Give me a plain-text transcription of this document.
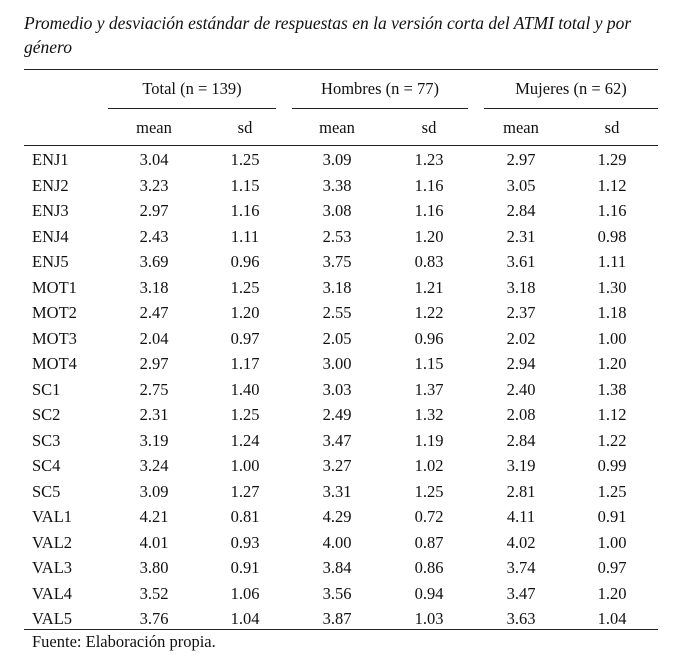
Promedio y desviación estándar de respuestas en la versión corta del ATMI total y por género

Total (n = 139)	Hombres (n = 77)	Mujeres (n = 62)
mean	sd	mean	sd	mean	sd
ENJ1	3.04	1.25	3.09	1.23	2.97	1.29
ENJ2	3.23	1.15	3.38	1.16	3.05	1.12
ENJ3	2.97	1.16	3.08	1.16	2.84	1.16
ENJ4	2.43	1.11	2.53	1.20	2.31	0.98
ENJ5	3.69	0.96	3.75	0.83	3.61	1.11
MOT1	3.18	1.25	3.18	1.21	3.18	1.30
MOT2	2.47	1.20	2.55	1.22	2.37	1.18
MOT3	2.04	0.97	2.05	0.96	2.02	1.00
MOT4	2.97	1.17	3.00	1.15	2.94	1.20
SC1	2.75	1.40	3.03	1.37	2.40	1.38
SC2	2.31	1.25	2.49	1.32	2.08	1.12
SC3	3.19	1.24	3.47	1.19	2.84	1.22
SC4	3.24	1.00	3.27	1.02	3.19	0.99
SC5	3.09	1.27	3.31	1.25	2.81	1.25
VAL1	4.21	0.81	4.29	0.72	4.11	0.91
VAL2	4.01	0.93	4.00	0.87	4.02	1.00
VAL3	3.80	0.91	3.84	0.86	3.74	0.97
VAL4	3.52	1.06	3.56	0.94	3.47	1.20
VAL5	3.76	1.04	3.87	1.03	3.63	1.04
Fuente: Elaboración propia.
